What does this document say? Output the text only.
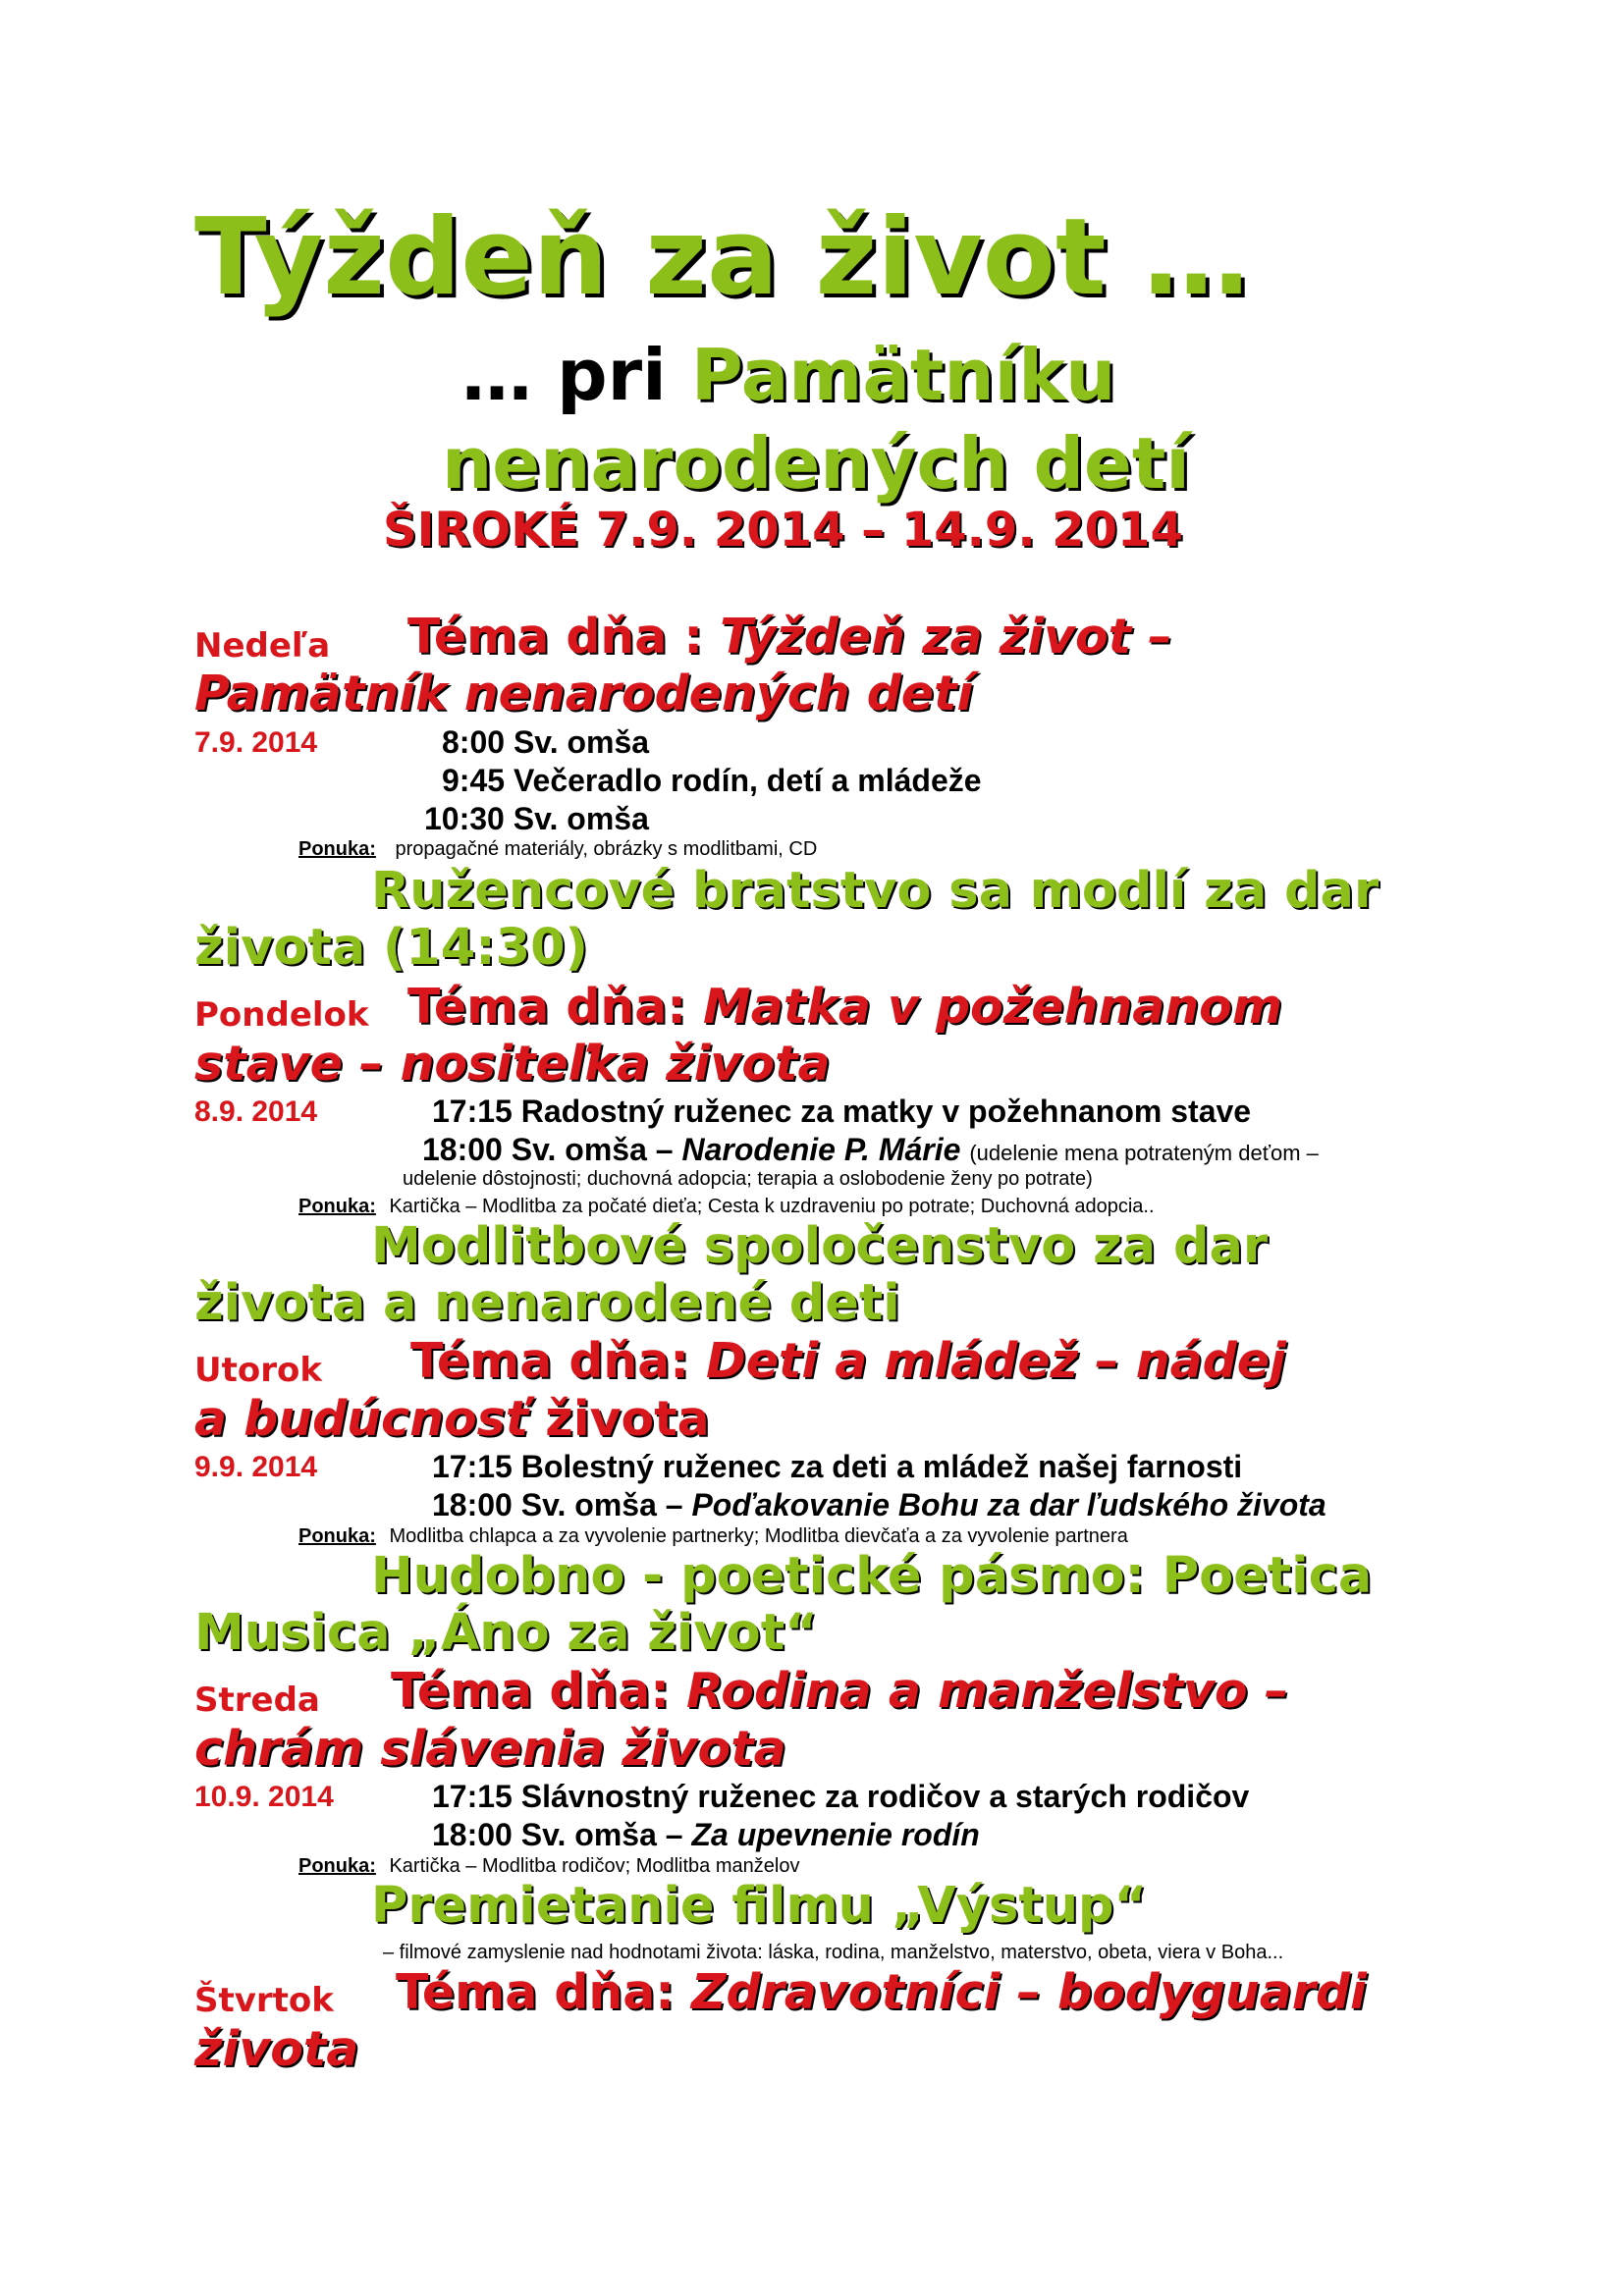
Týždeň za život …
… pri Pamätníku
nenarodených detí
ŠIROKÉ 7.9. 2014 – 14.9. 2014
Nedeľa Téma dňa : Týždeň za život –
Pamätník nenarodených detí
7.9. 2014	8:00 Sv. omša
9:45 Večeradlo rodín, detí a mládeže
10:30 Sv. omša
Ponuka: propagačné materiály, obrázky s modlitbami, CD
Ružencové bratstvo sa modlí za dar
života (14:30)
Pondelok Téma dňa: Matka v požehnanom
stave – nositeľka života
8.9. 2014	17:15 Radostný ruženec za matky v požehnanom stave
18:00 Sv. omša – Narodenie P. Márie (udelenie mena potrateným deťom –
udelenie dôstojnosti; duchovná adopcia; terapia a oslobodenie ženy po potrate)
Ponuka: Kartička – Modlitba za počaté dieťa; Cesta k uzdraveniu po potrate; Duchovná adopcia..
Modlitbové spoločenstvo za dar
života a nenarodené deti
Utorok Téma dňa: Deti a mládež – nádej
a budúcnosť života
9.9. 2014	17:15 Bolestný ruženec za deti a mládež našej farnosti
18:00 Sv. omša – Poďakovanie Bohu za dar ľudského života
Ponuka: Modlitba chlapca a za vyvolenie partnerky; Modlitba dievčaťa a za vyvolenie partnera
Hudobno - poetické pásmo: Poetica
Musica „Áno za život“
Streda Téma dňa: Rodina a manželstvo –
chrám slávenia života
10.9. 2014	17:15 Slávnostný ruženec za rodičov a starých rodičov
18:00 Sv. omša – Za upevnenie rodín
Ponuka: Kartička – Modlitba rodičov; Modlitba manželov
Premietanie filmu „Výstup“
– filmové zamyslenie nad hodnotami života: láska, rodina, manželstvo, materstvo, obeta, viera v Boha...
Štvrtok Téma dňa: Zdravotníci – bodyguardi
života
